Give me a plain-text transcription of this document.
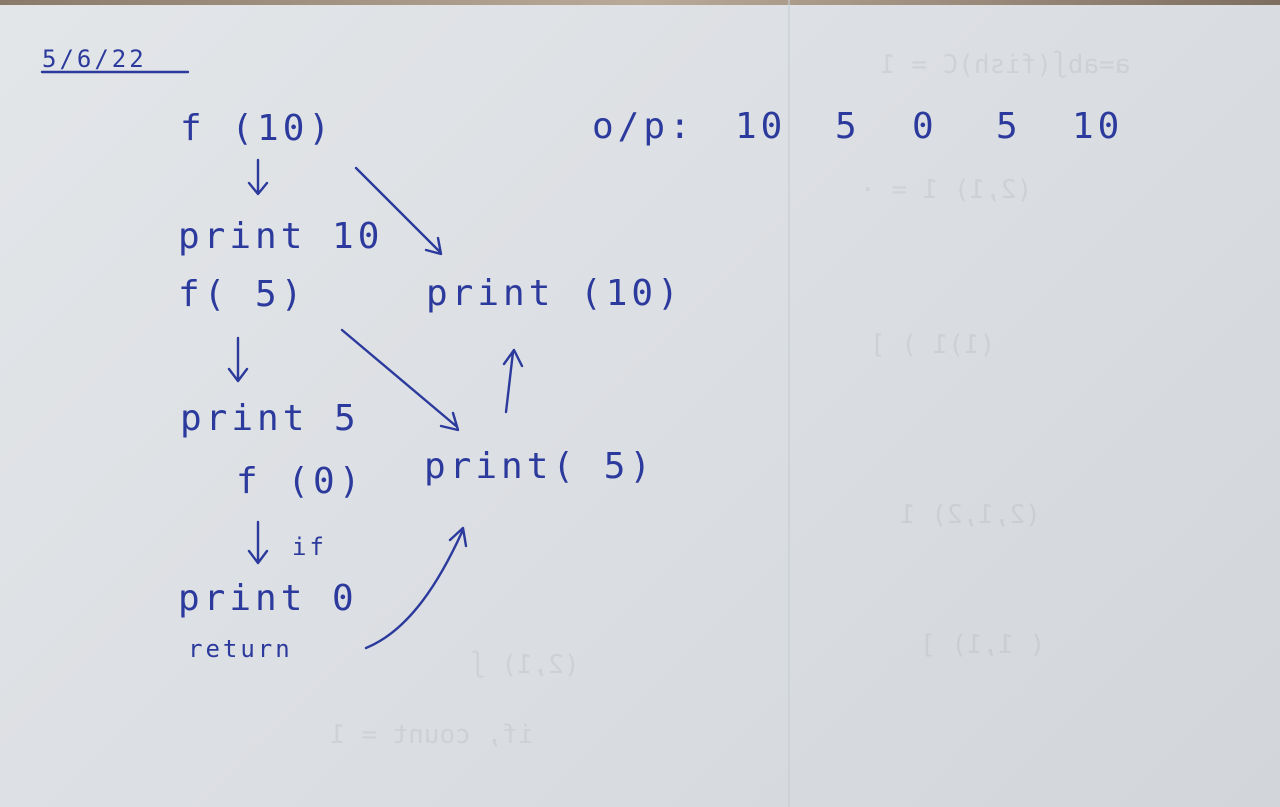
a=ab∫(fish)C = 1
(2,1) 1 = ·
(1)1 ) ]
(2,1,2) 1
( 1,1) ]
(2,1) ∫
if, count = 1
5/6/22
o/p: 10 5 0 5 10
f (10)
print 10
f( 5)
print 5
f (0)
if
print 0
return
print (10)
print( 5)
